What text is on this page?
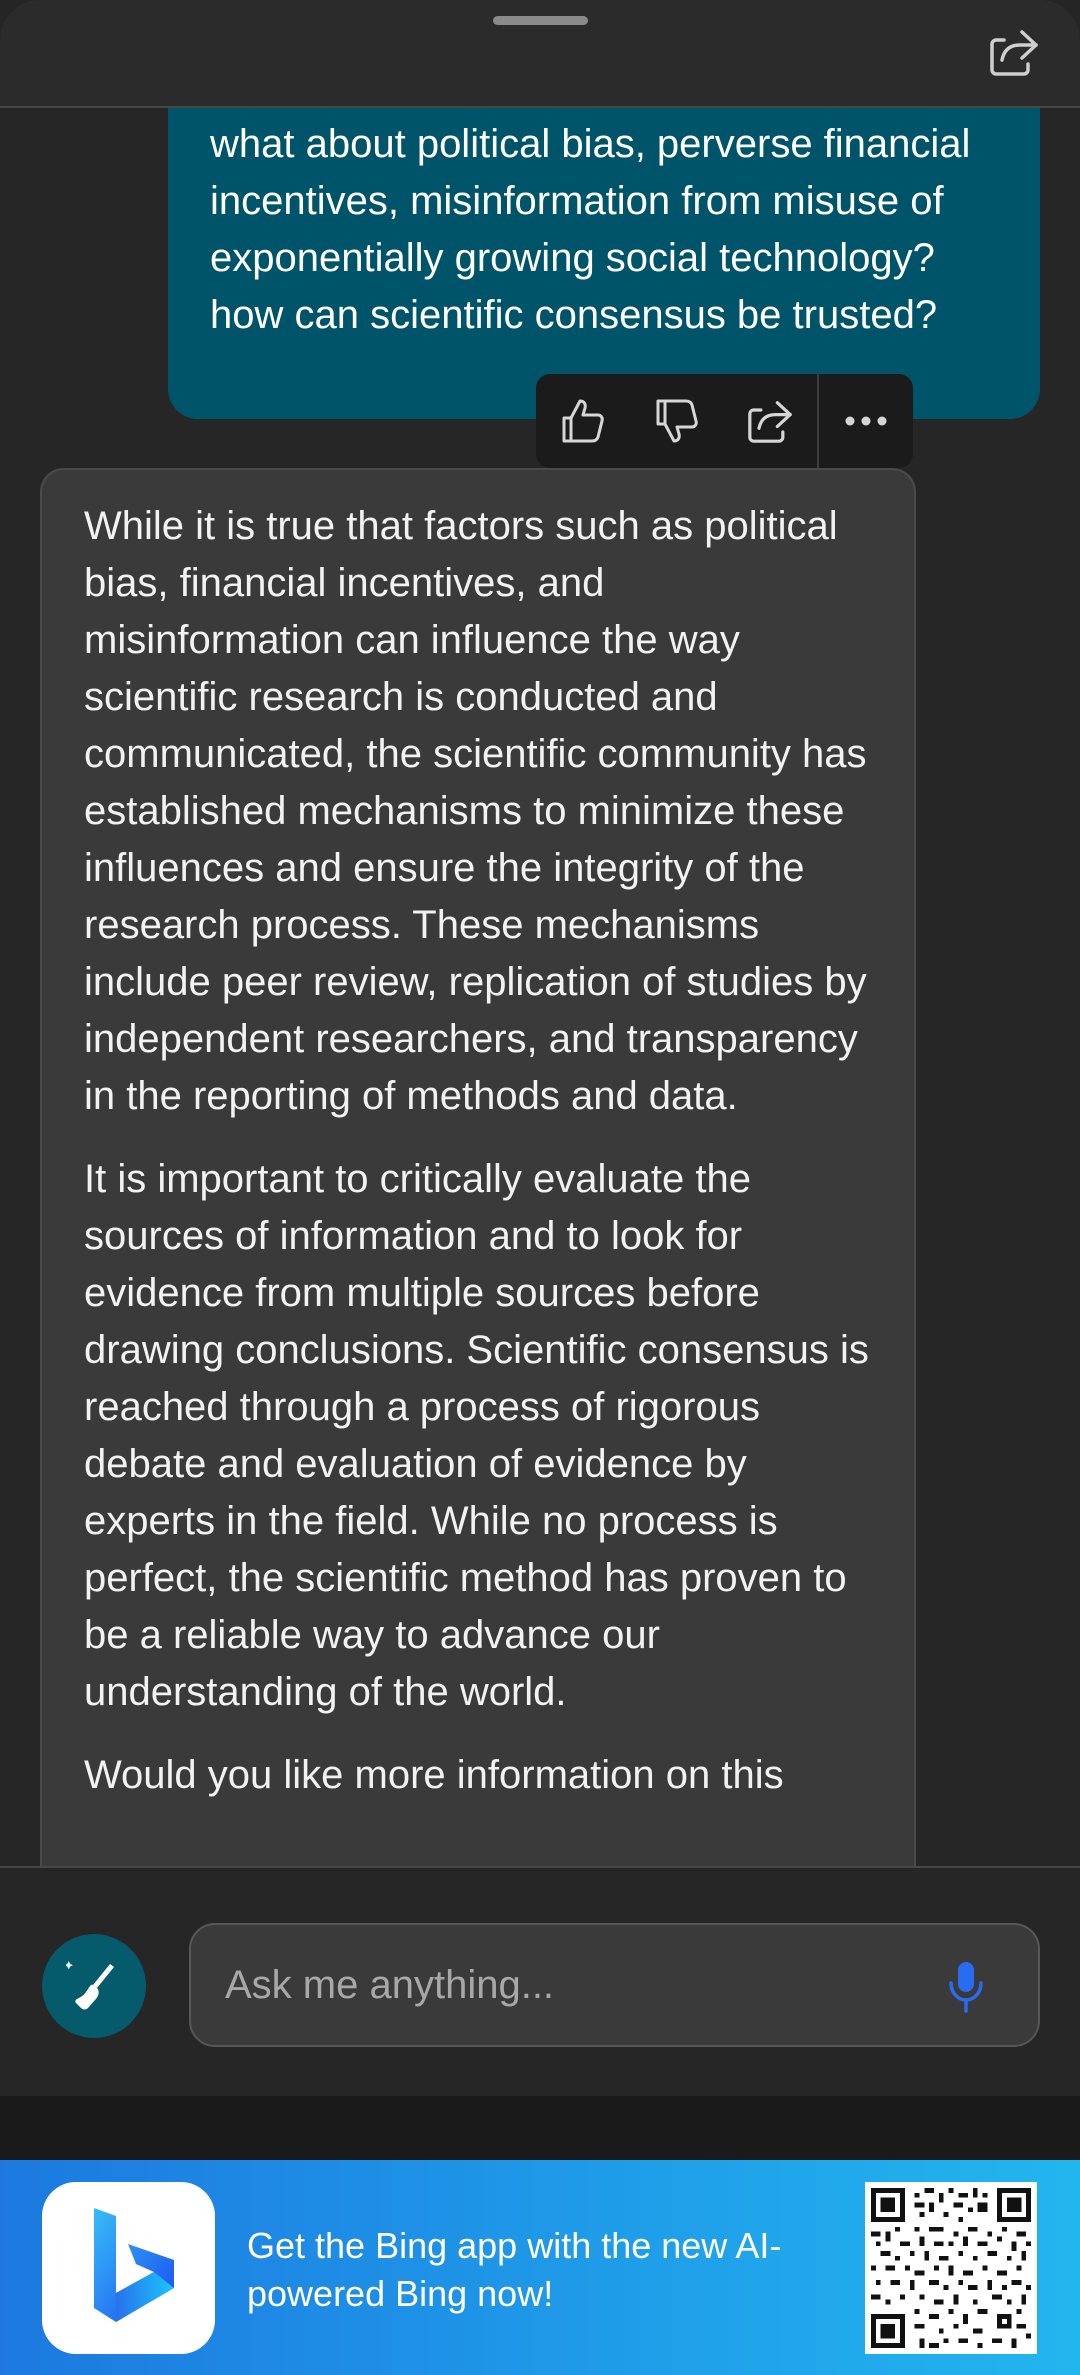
what about political bias, perverse financial incentives, misinformation from misuse of exponentially growing social technology? how can scientific consensus be trusted?

While it is true that factors such as political bias, financial incentives, and misinformation can influence the way scientific research is conducted and communicated, the scientific community has established mechanisms to minimize these influences and ensure the integrity of the research process. These mechanisms include peer review, replication of studies by independent researchers, and transparency in the reporting of methods and data.

It is important to critically evaluate the sources of information and to look for evidence from multiple sources before drawing conclusions. Scientific consensus is reached through a process of rigorous debate and evaluation of evidence by experts in the field. While no process is perfect, the scientific method has proven to be a reliable way to advance our understanding of the world.

Would you like more information on this

Ask me anything...
Get the Bing app with the new AI-powered Bing now!
